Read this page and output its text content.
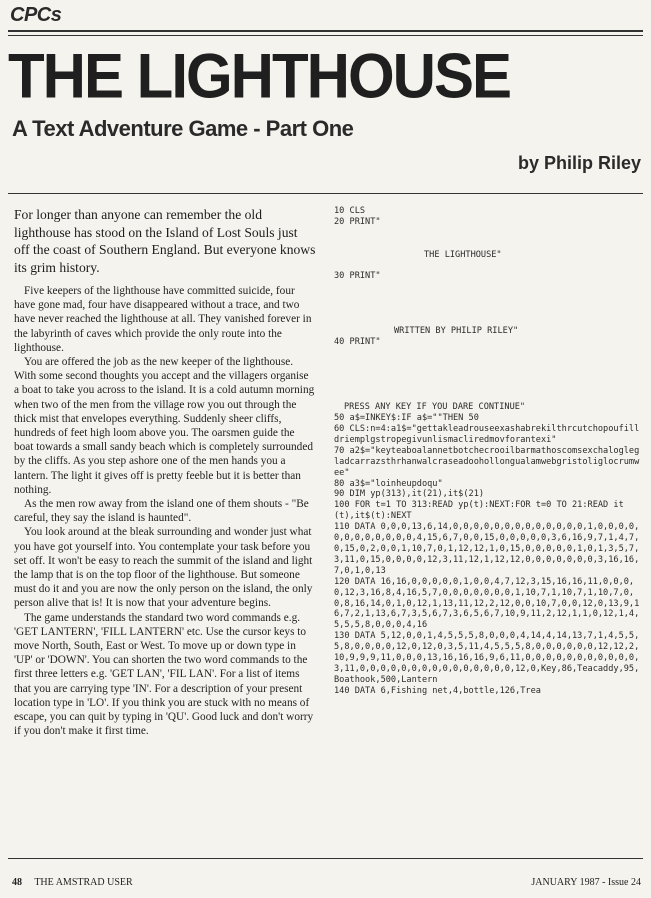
CPCs
THE LIGHTHOUSE
A Text Adventure Game - Part One
by Philip Riley

For longer than anyone can remember the old lighthouse has stood on the Island of Lost Souls just off the coast of Southern England. But everyone knows its grim history.

Five keepers of the lighthouse have committed suicide, four have gone mad, four have disappeared without a trace, and two have never reached the lighthouse at all. They vanished forever in the labyrinth of caves which provide the only route into the lighthouse.

You are offered the job as the new keeper of the lighthouse. With some second thoughts you accept and the villagers organise a boat to take you across to the island. It is a cold autumn morning when two of the men from the village row you out through the thick mist that envelopes everything. Suddenly sheer cliffs, hundreds of feet high loom above you. The oarsmen guide the boat towards a small sandy beach which is completely surrounded by the cliffs. As you step ashore one of the men hands you a lantern. The light it gives off is pretty feeble but it is better than nothing.

As the men row away from the island one of them shouts - "Be careful, they say the island is haunted".

You look around at the bleak surrounding and wonder just what you have got yourself into. You contemplate your task before you set off. It won't be easy to reach the summit of the island and light the lamp that is on the top floor of the lighthouse. But someone must do it and you are now the only person on the island, the only person alive that is! It is now that your adventure begins.

The game understands the standard two word commands e.g. 'GET LANTERN', 'FILL LANTERN' etc. Use the cursor keys to move North, South, East or West. To move up or down type in 'UP' or 'DOWN'. You can shorten the two word commands to the first three letters e.g. 'GET LAN', 'FIL LAN'. For a list of items that you are carrying type 'IN'. For a description of your present location type in 'LO'. If you think you are stuck with no means of escape, you can quit by typing in 'QU'. Good luck and don't worry if you don't make it first time.

10 CLS
20 PRINT"
THE LIGHTHOUSE"
30 PRINT"
WRITTEN BY PHILIP RILEY"
40 PRINT"
PRESS ANY KEY IF YOU DARE CONTINUE"
50 a$=INKEY$:IF a$=""THEN 50
60 CLS:n=4:a1$="gettakleadrouseexashabrekilthrcutchopoufilldriemplgstropegivunlismacliredmovforantexi"
70 a2$="keyteaboalannetbotchecrooilbarmathoscomsexchaloglegladcarrazsthrhanwalcraseadoohollongualamwebgristoliglocrumwee"
80 a3$="loinheupdoqu"
90 DIM yp(313),it(21),it$(21)
100 FOR t=1 TO 313:READ yp(t):NEXT:FOR t=0 TO 21:READ it(t),it$(t):NEXT
110 DATA 0,0,0,13,6,14,0,0,0,0,0,0,0,0,0,0,0,0,0,1,0,0,0,0,0,0,0,0,0,0,0,0,4,15,6,7,0,0,15,0,0,0,0,0,3,6,16,9,7,1,4,7,0,15,0,2,0,0,1,10,7,0,1,12,12,1,0,15,0,0,0,0,0,1,0,1,3,5,7,3,11,0,15,0,0,0,0,12,3,11,12,1,12,12,0,0,0,0,0,0,0,3,16,16,7,0,1,0,13
120 DATA 16,16,0,0,0,0,0,1,0,0,4,7,12,3,15,16,16,11,0,0,0,0,12,3,16,8,4,16,5,7,0,0,0,0,0,0,0,1,10,7,1,10,7,1,10,7,0,0,8,16,14,0,1,0,12,1,13,11,12,2,12,0,0,10,7,0,0,12,0,13,9,16,7,2,1,13,6,7,3,5,6,7,3,6,5,6,7,10,9,11,2,12,1,1,0,12,1,4,5,5,5,8,0,0,0,4,16
130 DATA 5,12,0,0,1,4,5,5,5,8,0,0,0,4,14,4,14,13,7,1,4,5,5,5,8,0,0,0,0,12,0,12,0,3,5,11,4,5,5,5,8,0,0,0,0,0,0,12,12,2,10,9,9,9,11,0,0,0,13,16,16,16,9,6,11,0,0,0,0,0,0,0,0,0,0,0,3,11,0,0,0,0,0,0,0,0,0,0,0,0,0,0,0,12,0,Key,86,Teacaddy,95,Boathook,500,Lantern
140 DATA 6,Fishing net,4,bottle,126,Trea
48 THE AMSTRAD USER	JANUARY 1987 - Issue 24
